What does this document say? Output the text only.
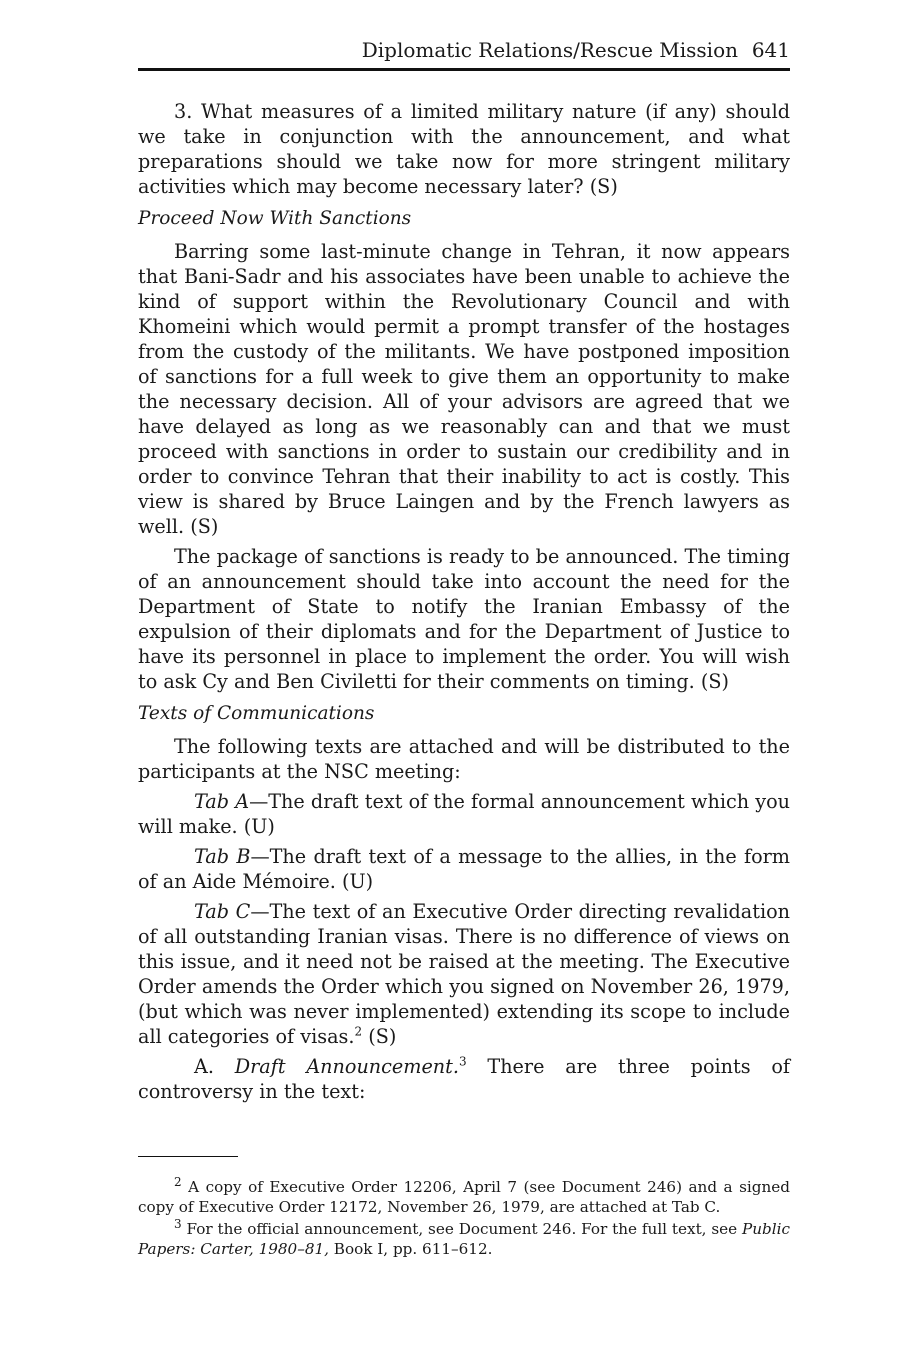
Diplomatic Relations/Rescue Mission 641

3. What measures of a limited military nature (if any) should we take in conjunction with the announcement, and what preparations should we take now for more stringent military activities which may become necessary later? (S)

Proceed Now With Sanctions

Barring some last-minute change in Tehran, it now appears that Bani-Sadr and his associates have been unable to achieve the kind of support within the Revolutionary Council and with Khomeini which would permit a prompt transfer of the hostages from the custody of the militants. We have postponed imposition of sanctions for a full week to give them an opportunity to make the necessary decision. All of your advisors are agreed that we have delayed as long as we reasonably can and that we must proceed with sanctions in order to sustain our credibility and in order to convince Tehran that their inability to act is costly. This view is shared by Bruce Laingen and by the French lawyers as well. (S)

The package of sanctions is ready to be announced. The timing of an announcement should take into account the need for the Department of State to notify the Iranian Embassy of the expulsion of their diplomats and for the Department of Justice to have its personnel in place to implement the order. You will wish to ask Cy and Ben Civiletti for their comments on timing. (S)

Texts of Communications

The following texts are attached and will be distributed to the participants at the NSC meeting:

Tab A—The draft text of the formal announcement which you will make. (U)

Tab B—The draft text of a message to the allies, in the form of an Aide Mémoire. (U)

Tab C—The text of an Executive Order directing revalidation of all outstanding Iranian visas. There is no difference of views on this issue, and it need not be raised at the meeting. The Executive Order amends the Order which you signed on November 26, 1979, (but which was never implemented) extending its scope to include all categories of visas.$^2$ (S)

A. Draft Announcement.$^3$ There are three points of controversy in the text:

$^2$ A copy of Executive Order 12206, April 7 (see Document 246) and a signed copy of Executive Order 12172, November 26, 1979, are attached at Tab C.

$^3$ For the official announcement, see Document 246. For the full text, see Public Papers: Carter, 1980–81, Book I, pp. 611–612.
